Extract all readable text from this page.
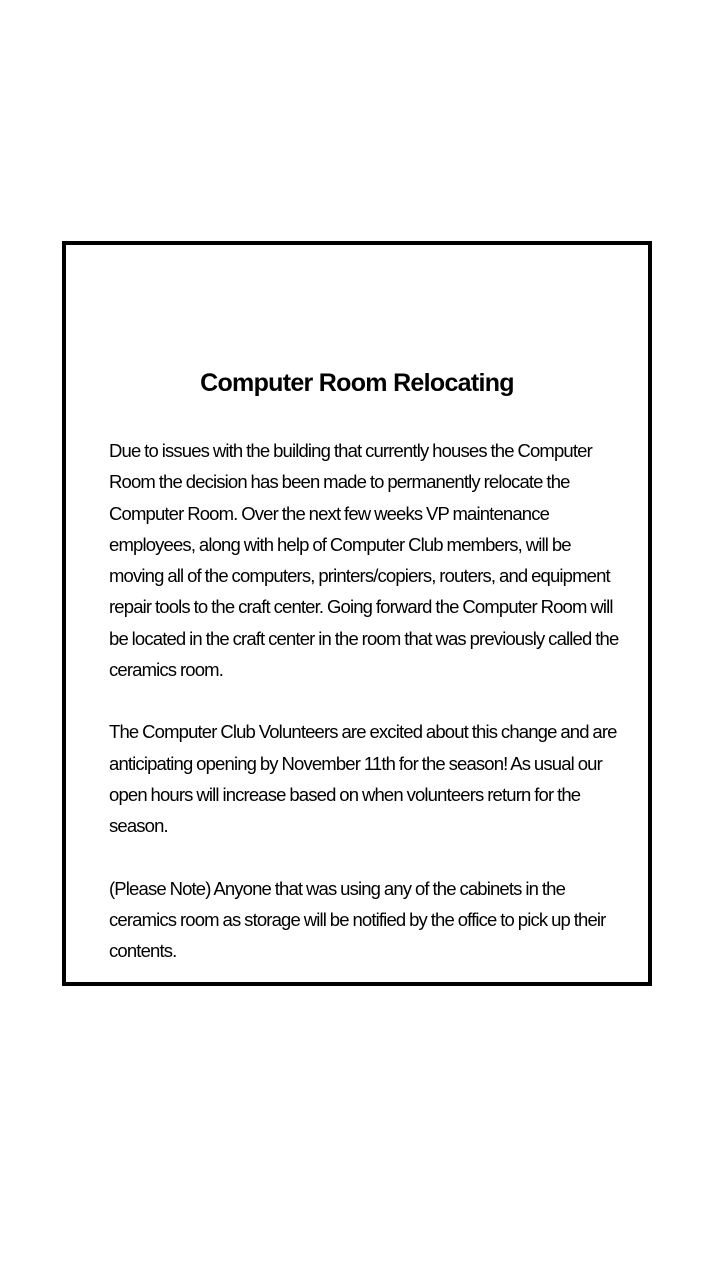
Computer Room Relocating

Due to issues with the building that currently houses the Computer Room the decision has been made to permanently relocate the Computer Room. Over the next few weeks VP maintenance employees, along with help of Computer Club members, will be moving all of the computers, printers/copiers, routers, and equipment repair tools to the craft center. Going forward the Computer Room will be located in the craft center in the room that was previously called the ceramics room.

The Computer Club Volunteers are excited about this change and are anticipating opening by November 11th for the season! As usual our open hours will increase based on when volunteers return for the season.

(Please Note) Anyone that was using any of the cabinets in the ceramics room as storage will be notified by the office to pick up their contents.
